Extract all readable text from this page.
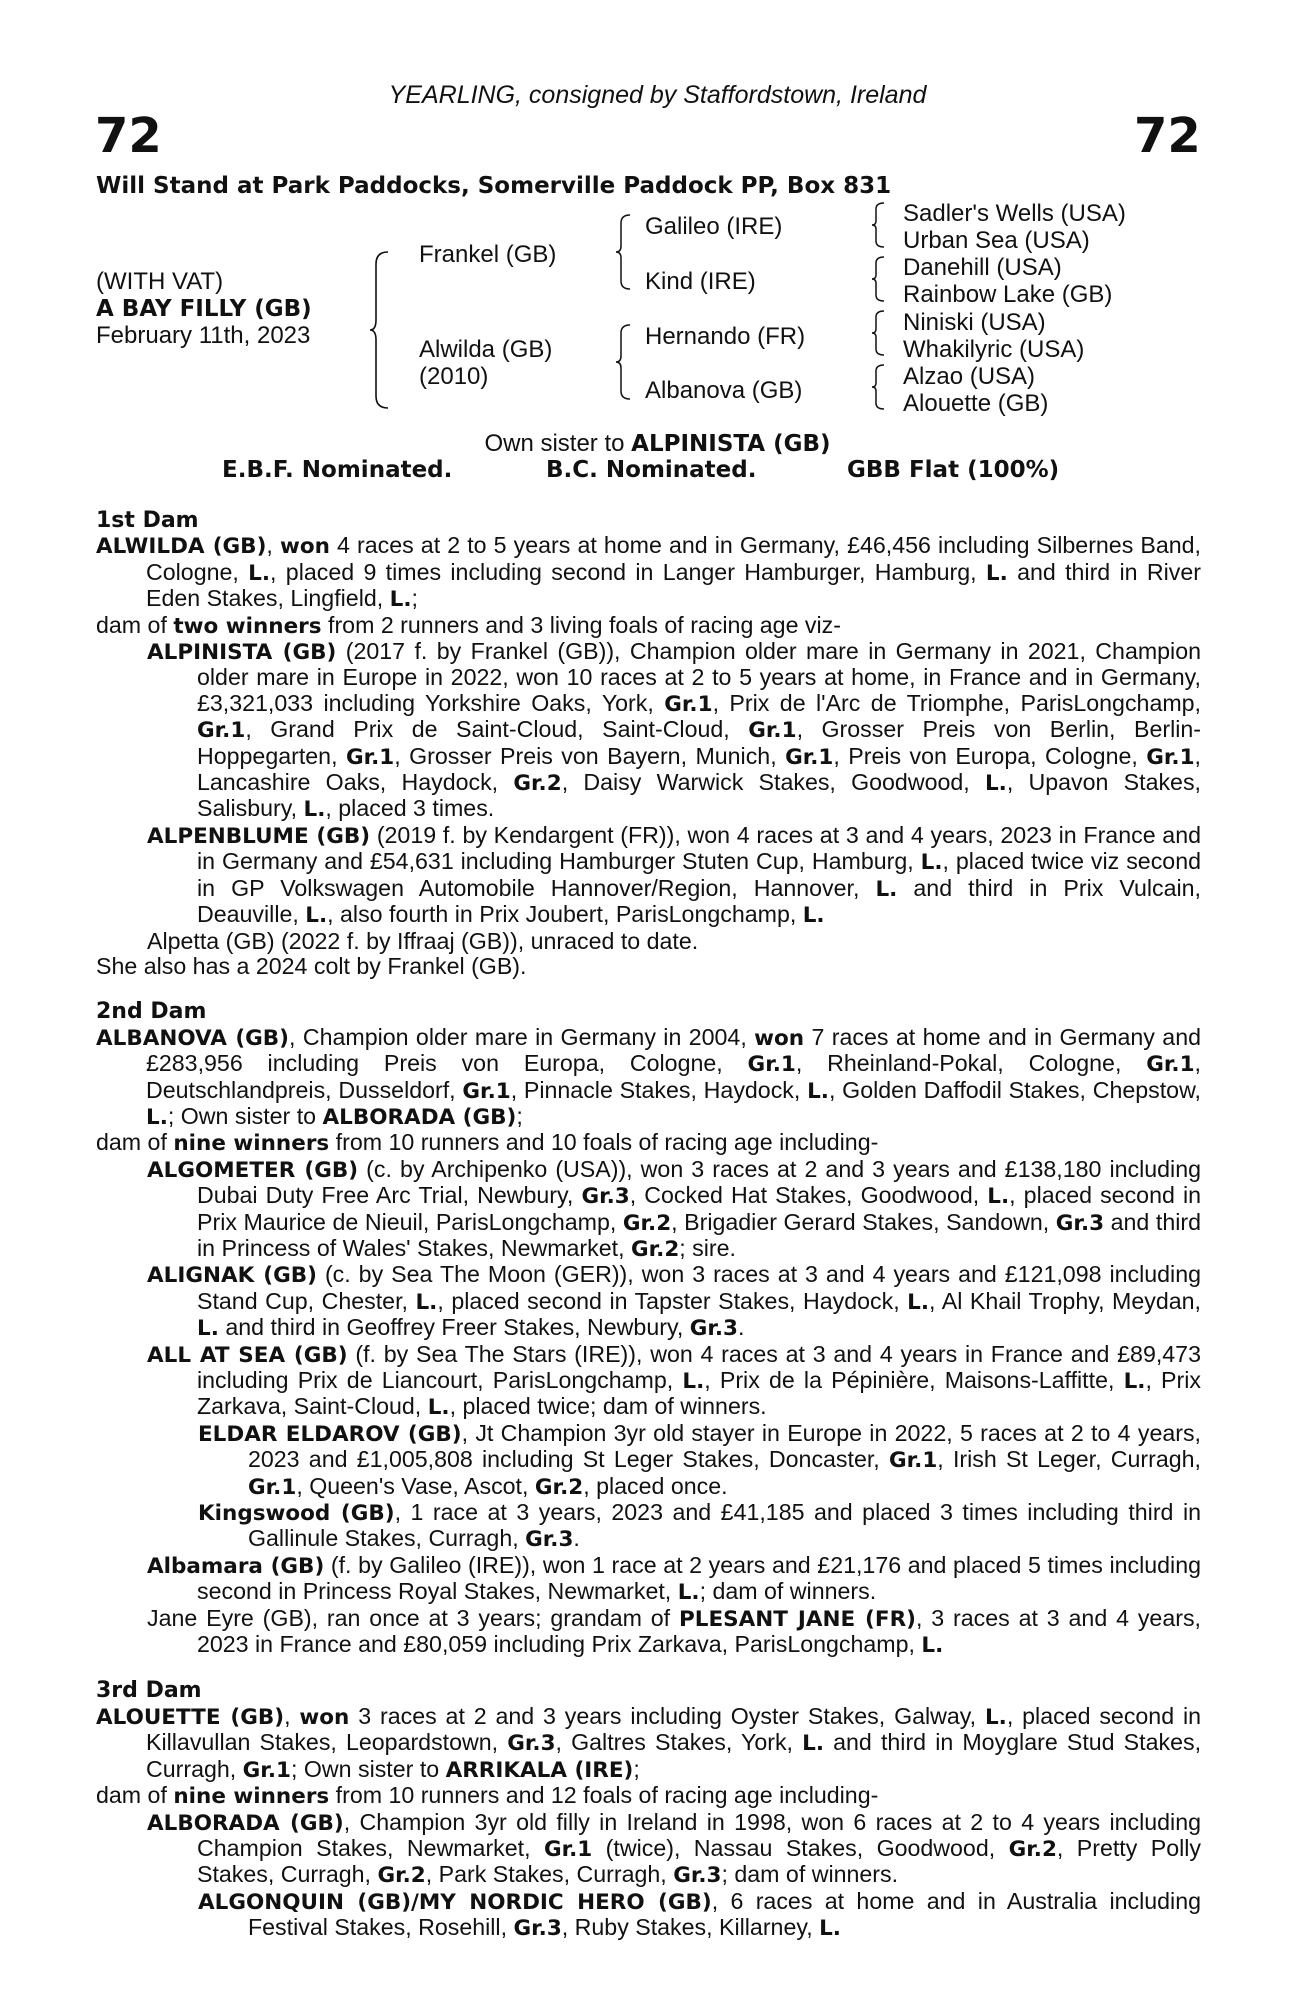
YEARLING, consigned by Staffordstown, Ireland
72	72
Will Stand at Park Paddocks, Somerville Paddock PP, Box 831
(WITH VAT)
A BAY FILLY (GB)
February 11th, 2023
Frankel (GB)
Alwilda (GB)
(2010)
Galileo (IRE)
Kind (IRE)
Hernando (FR)
Albanova (GB)
Sadler's Wells (USA)
Urban Sea (USA)
Danehill (USA)
Rainbow Lake (GB)
Niniski (USA)
Whakilyric (USA)
Alzao (USA)
Alouette (GB)
Own sister to ALPINISTA (GB)
E.B.F. Nominated.	B.C. Nominated.	GBB Flat (100%)

1st Dam

ALWILDA (GB), won 4 races at 2 to 5 years at home and in Germany, £46,456 including Silbernes Band, Cologne, L., placed 9 times including second in Langer Hamburger, Hamburg, L. and third in River Eden Stakes, Lingfield, L.;

dam of two winners from 2 runners and 3 living foals of racing age viz-

ALPINISTA (GB) (2017 f. by Frankel (GB)), Champion older mare in Germany in 2021, Champion older mare in Europe in 2022, won 10 races at 2 to 5 years at home, in France and in Germany, £3,321,033 including Yorkshire Oaks, York, Gr.1, Prix de l'Arc de Triomphe, ParisLongchamp, Gr.1, Grand Prix de Saint-Cloud, Saint-Cloud, Gr.1, Grosser Preis von Berlin, Berlin-Hoppegarten, Gr.1, Grosser Preis von Bayern, Munich, Gr.1, Preis von Europa, Cologne, Gr.1, Lancashire Oaks, Haydock, Gr.2, Daisy Warwick Stakes, Goodwood, L., Upavon Stakes, Salisbury, L., placed 3 times.

ALPENBLUME (GB) (2019 f. by Kendargent (FR)), won 4 races at 3 and 4 years, 2023 in France and in Germany and £54,631 including Hamburger Stuten Cup, Hamburg, L., placed twice viz second in GP Volkswagen Automobile Hannover/Region, Hannover, L. and third in Prix Vulcain, Deauville, L., also fourth in Prix Joubert, ParisLongchamp, L.

Alpetta (GB) (2022 f. by Iffraaj (GB)), unraced to date.

She also has a 2024 colt by Frankel (GB).

2nd Dam

ALBANOVA (GB), Champion older mare in Germany in 2004, won 7 races at home and in Germany and £283,956 including Preis von Europa, Cologne, Gr.1, Rheinland-Pokal, Cologne, Gr.1, Deutschlandpreis, Dusseldorf, Gr.1, Pinnacle Stakes, Haydock, L., Golden Daffodil Stakes, Chepstow, L.; Own sister to ALBORADA (GB);

dam of nine winners from 10 runners and 10 foals of racing age including-

ALGOMETER (GB) (c. by Archipenko (USA)), won 3 races at 2 and 3 years and £138,180 including Dubai Duty Free Arc Trial, Newbury, Gr.3, Cocked Hat Stakes, Goodwood, L., placed second in Prix Maurice de Nieuil, ParisLongchamp, Gr.2, Brigadier Gerard Stakes, Sandown, Gr.3 and third in Princess of Wales' Stakes, Newmarket, Gr.2; sire.

ALIGNAK (GB) (c. by Sea The Moon (GER)), won 3 races at 3 and 4 years and £121,098 including Stand Cup, Chester, L., placed second in Tapster Stakes, Haydock, L., Al Khail Trophy, Meydan, L. and third in Geoffrey Freer Stakes, Newbury, Gr.3.

ALL AT SEA (GB) (f. by Sea The Stars (IRE)), won 4 races at 3 and 4 years in France and £89,473 including Prix de Liancourt, ParisLongchamp, L., Prix de la Pépinière, Maisons-Laffitte, L., Prix Zarkava, Saint-Cloud, L., placed twice; dam of winners.

ELDAR ELDAROV (GB), Jt Champion 3yr old stayer in Europe in 2022, 5 races at 2 to 4 years, 2023 and £1,005,808 including St Leger Stakes, Doncaster, Gr.1, Irish St Leger, Curragh, Gr.1, Queen's Vase, Ascot, Gr.2, placed once.

Kingswood (GB), 1 race at 3 years, 2023 and £41,185 and placed 3 times including third in Gallinule Stakes, Curragh, Gr.3.

Albamara (GB) (f. by Galileo (IRE)), won 1 race at 2 years and £21,176 and placed 5 times including second in Princess Royal Stakes, Newmarket, L.; dam of winners.

Jane Eyre (GB), ran once at 3 years; grandam of PLESANT JANE (FR), 3 races at 3 and 4 years, 2023 in France and £80,059 including Prix Zarkava, ParisLongchamp, L.

3rd Dam

ALOUETTE (GB), won 3 races at 2 and 3 years including Oyster Stakes, Galway, L., placed second in Killavullan Stakes, Leopardstown, Gr.3, Galtres Stakes, York, L. and third in Moyglare Stud Stakes, Curragh, Gr.1; Own sister to ARRIKALA (IRE);

dam of nine winners from 10 runners and 12 foals of racing age including-

ALBORADA (GB), Champion 3yr old filly in Ireland in 1998, won 6 races at 2 to 4 years including Champion Stakes, Newmarket, Gr.1 (twice), Nassau Stakes, Goodwood, Gr.2, Pretty Polly Stakes, Curragh, Gr.2, Park Stakes, Curragh, Gr.3; dam of winners.

ALGONQUIN (GB)/MY NORDIC HERO (GB), 6 races at home and in Australia including Festival Stakes, Rosehill, Gr.3, Ruby Stakes, Killarney, L.
